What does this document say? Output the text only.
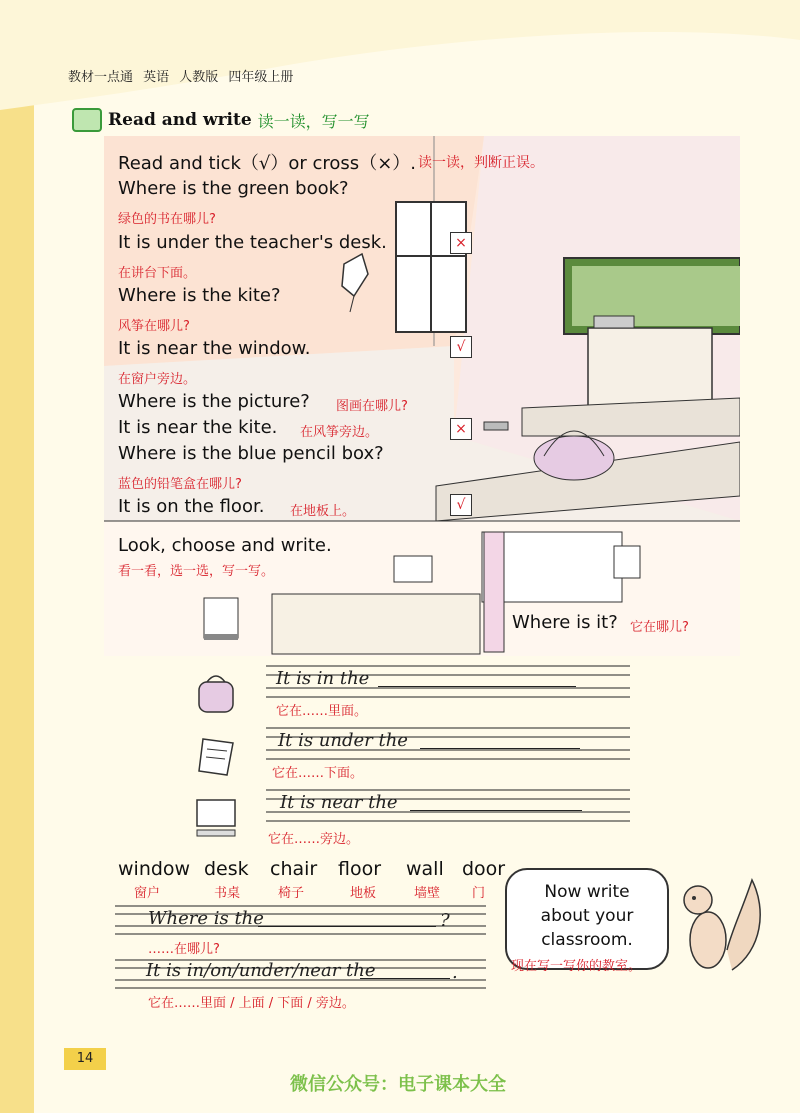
教材一点通 英语 人教版 四年级上册
Read and write 读一读，写一写
Read and tick（√）or cross（×）. 读一读，判断正误。
Where is the green book?
绿色的书在哪儿?
It is under the teacher's desk.
在讲台下面。
×
Where is the kite?
风筝在哪儿?
It is near the window.
在窗户旁边。
√
Where is the picture? 图画在哪儿?
It is near the kite. 在风筝旁边。	×
Where is the blue pencil box?
蓝色的铅笔盒在哪儿?
It is on the floor. 在地板上。	√
Look, choose and write.
看一看，选一选，写一写。
Where is it? 它在哪儿?
It is in the
它在……里面。
It is under the
它在……下面。
It is near the
它在……旁边。
window
窗户
desk
书桌
chair
椅子
floor
地板
wall
墙壁
door
门
Where is the	?
……在哪儿?
It is in/on/under/near the	.
它在……里面 / 上面 / 下面 / 旁边。
Now write
about your
classroom.
现在写一写你的教室。
14
微信公众号：电子课本大全
